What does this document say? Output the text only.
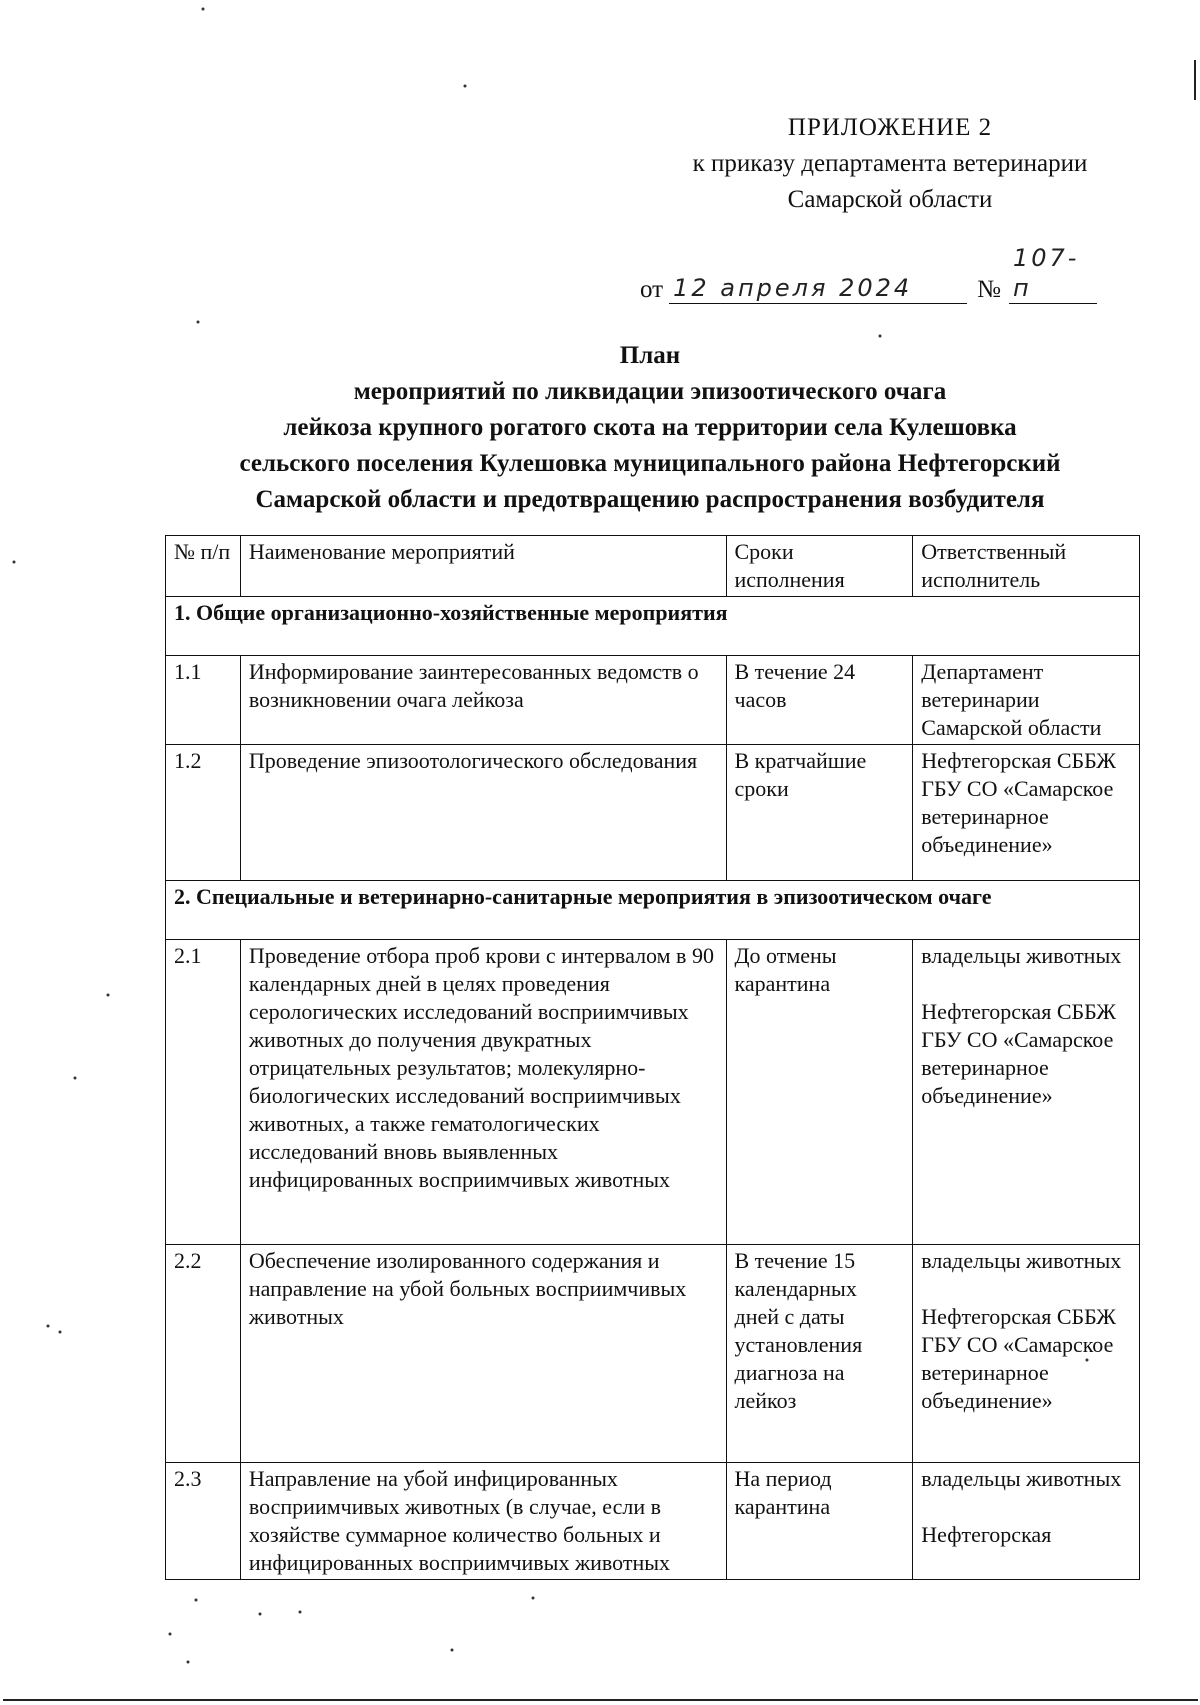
ПРИЛОЖЕНИЕ 2
к приказу департамента ветеринарии
Самарской области
от 12 апреля 2024	№
107-п
План
мероприятий по ликвидации эпизоотического очага
лейкоза крупного рогатого скота на территории села Кулешовка
сельского поселения Кулешовка муниципального района Нефтегорский
Самарской области и предотвращению распространения возбудителя
№ п/п	Наименование мероприятий	Сроки исполнения	Ответственный исполнитель
1. Общие организационно-хозяйственные мероприятия			
1.1	Информирование заинтересованных ведомств о возникновении очага лейкоза	В течение 24 часов	Департамент ветеринарии Самарской области
1.2	Проведение эпизоотологического обследования	В кратчайшие сроки	Нефтегорская СББЖ ГБУ СО «Самарское ветеринарное объединение»
2. Специальные и ветеринарно-санитарные мероприятия в эпизоотическом очаге			
2.1	Проведение отбора проб крови с интервалом в 90 календарных дней в целях проведения серологических исследований восприимчивых животных до получения двукратных отрицательных результатов; молекулярно-биологических исследований восприимчивых животных, а также гематологических исследований вновь выявленных инфицированных восприимчивых животных	До отмены карантина	владельцы животных
Нефтегорская СББЖ ГБУ СО «Самарское ветеринарное объединение»

2.2	Обеспечение изолированного содержания и направление на убой больных восприимчивых животных	В течение 15 календарных дней с даты установления диагноза на лейкоз	владельцы животных
Нефтегорская СББЖ ГБУ СО «Самарское ветеринарное объединение»

2.3	Направление на убой инфицированных восприимчивых животных (в случае, если в хозяйстве суммарное количество больных и инфицированных восприимчивых животных	На период карантина	владельцы животных
Нефтегорская
